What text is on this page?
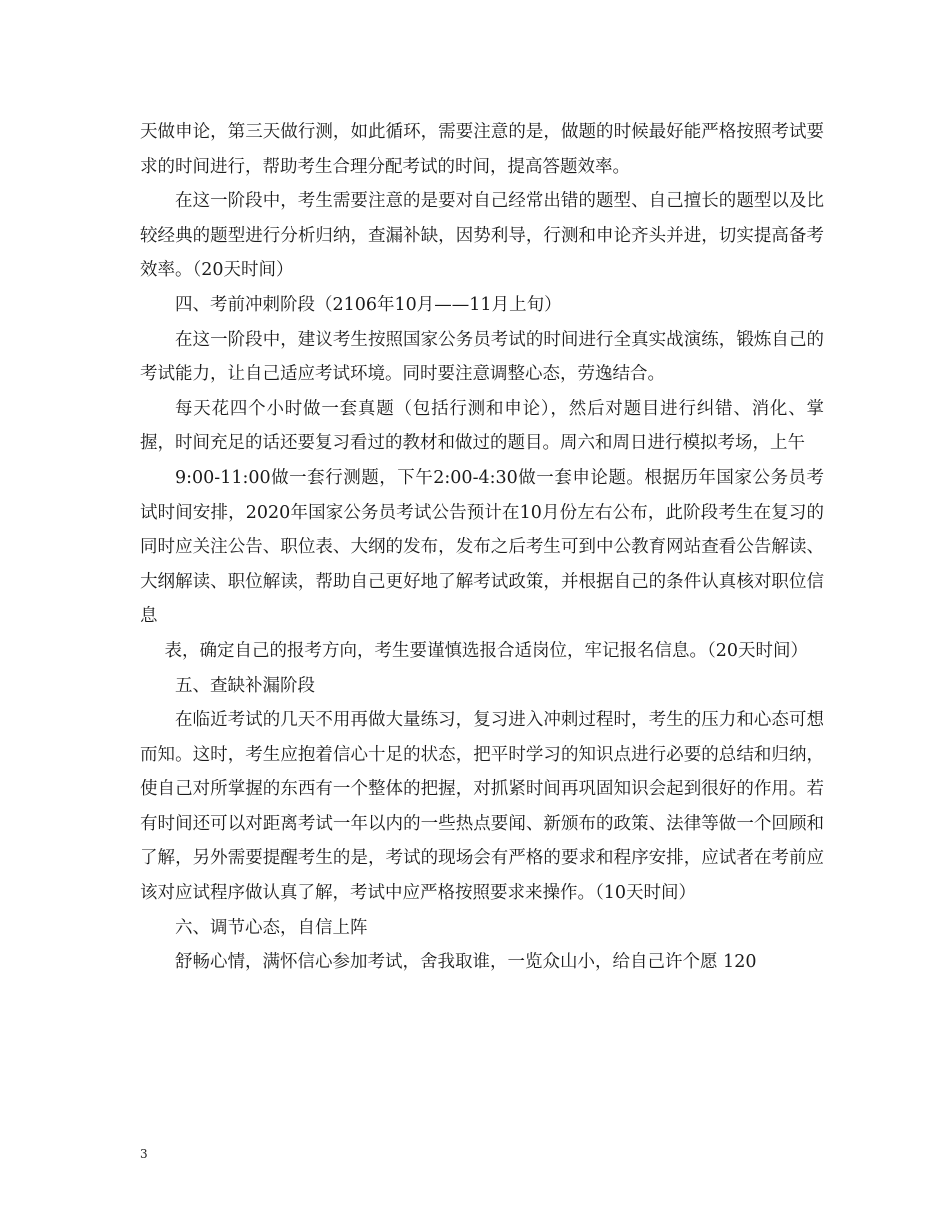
天做申论，第三天做行测，如此循环，需要注意的是，做题的时候最好能严格按照考试要求的时间进行，帮助考生合理分配考试的时间，提高答题效率。

在这一阶段中，考生需要注意的是要对自己经常出错的题型、自己擅长的题型以及比较经典的题型进行分析归纳，查漏补缺，因势利导，行测和申论齐头并进，切实提高备考效率。（20天时间）

四、考前冲刺阶段（2106年10月——11月上旬）

在这一阶段中，建议考生按照国家公务员考试的时间进行全真实战演练，锻炼自己的考试能力，让自己适应考试环境。同时要注意调整心态，劳逸结合。

每天花四个小时做一套真题（包括行测和申论），然后对题目进行纠错、消化、掌握，时间充足的话还要复习看过的教材和做过的题目。周六和周日进行模拟考场，上午

9:00-11:00做一套行测题，下午2:00-4:30做一套申论题。根据历年国家公务员考试时间安排，2020年国家公务员考试公告预计在10月份左右公布，此阶段考生在复习的同时应关注公告、职位表、大纲的发布，发布之后考生可到中公教育网站查看公告解读、大纲解读、职位解读，帮助自己更好地了解考试政策，并根据自己的条件认真核对职位信息

表，确定自己的报考方向，考生要谨慎选报合适岗位，牢记报名信息。（20天时间）

五、查缺补漏阶段

在临近考试的几天不用再做大量练习，复习进入冲刺过程时，考生的压力和心态可想而知。这时，考生应抱着信心十足的状态，把平时学习的知识点进行必要的总结和归纳，使自己对所掌握的东西有一个整体的把握，对抓紧时间再巩固知识会起到很好的作用。若有时间还可以对距离考试一年以内的一些热点要闻、新颁布的政策、法律等做一个回顾和了解，另外需要提醒考生的是，考试的现场会有严格的要求和程序安排，应试者在考前应该对应试程序做认真了解，考试中应严格按照要求来操作。（10天时间）

六、调节心态，自信上阵

舒畅心情，满怀信心参加考试，舍我取谁，一览众山小，给自己许个愿 120

3
